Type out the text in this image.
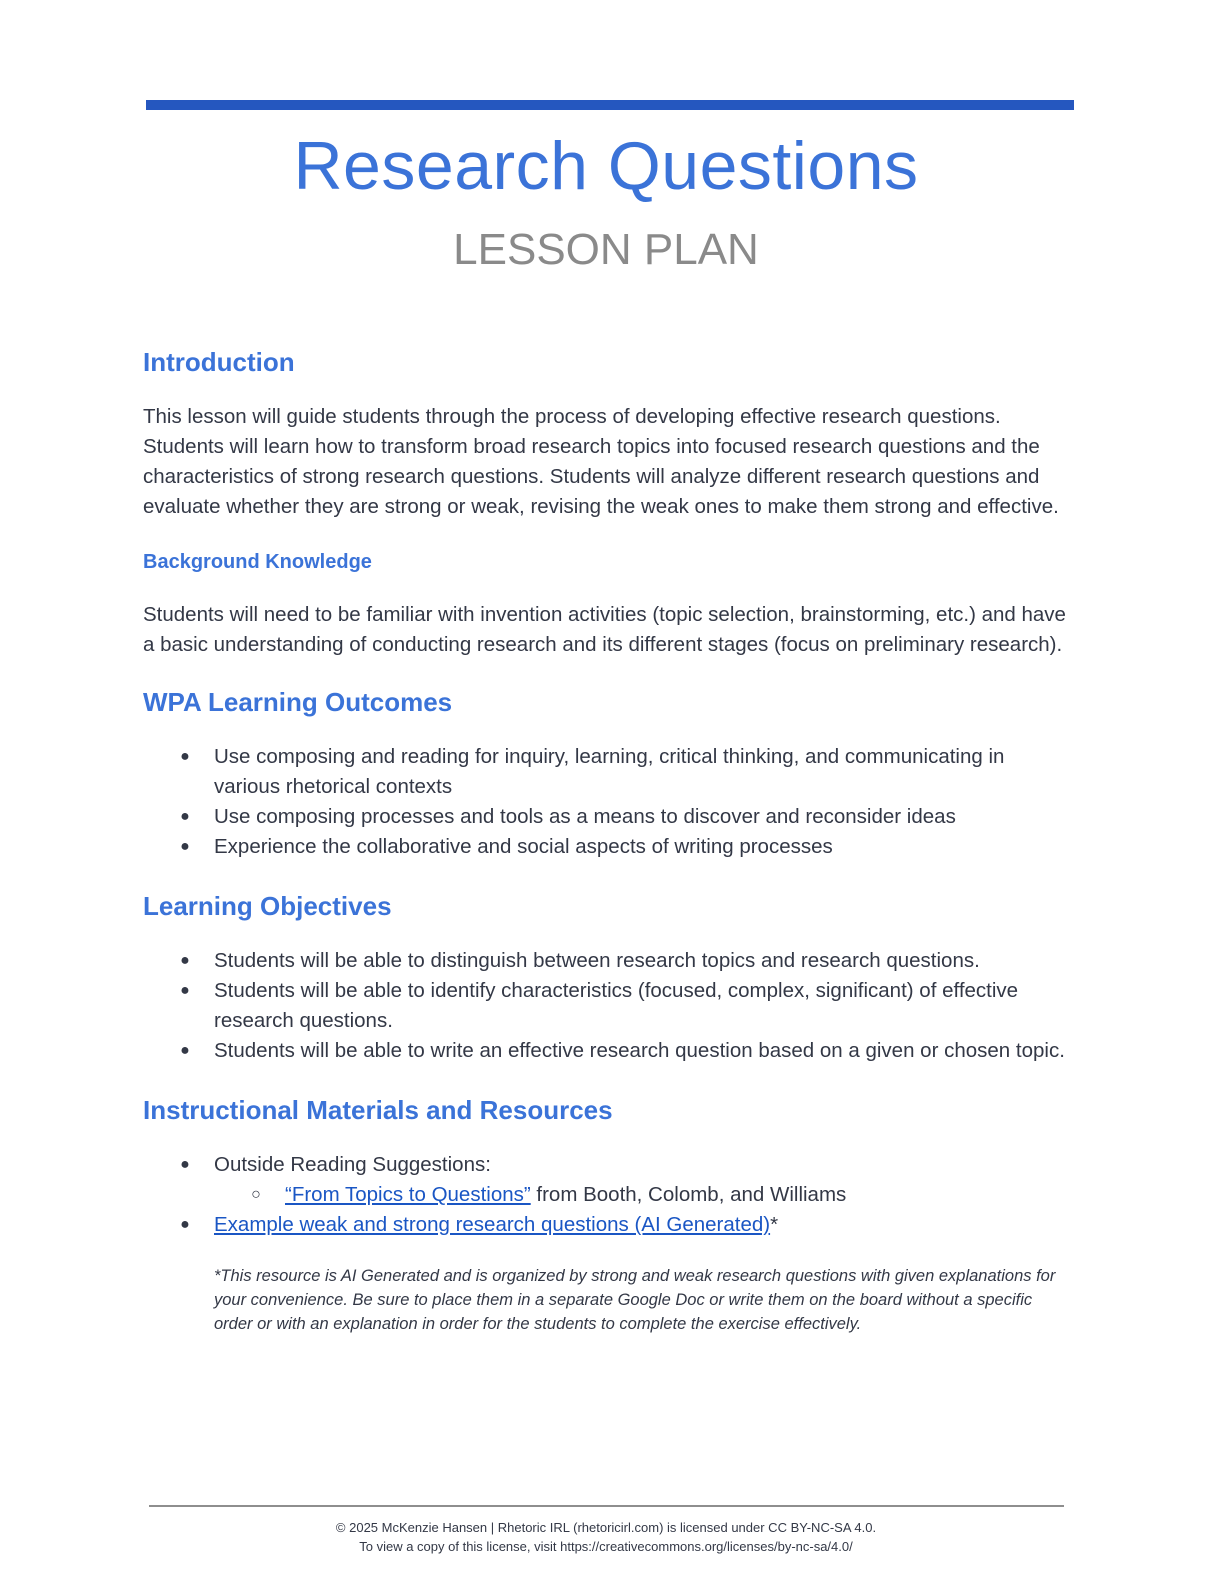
Research Questions
LESSON PLAN
Introduction

This lesson will guide students through the process of developing effective research questions. Students will learn how to transform broad research topics into focused research questions and the characteristics of strong research questions. Students will analyze different research questions and evaluate whether they are strong or weak, revising the weak ones to make them strong and effective.

Background Knowledge

Students will need to be familiar with invention activities (topic selection, brainstorming, etc.) and have a basic understanding of conducting research and its different stages (focus on preliminary research).

WPA Learning Outcomes
● Use composing and reading for inquiry, learning, critical thinking, and communicating in various rhetorical contexts
● Use composing processes and tools as a means to discover and reconsider ideas
● Experience the collaborative and social aspects of writing processes
Learning Objectives
● Students will be able to distinguish between research topics and research questions.
● Students will be able to identify characteristics (focused, complex, significant) of effective research questions.
● Students will be able to write an effective research question based on a given or chosen topic.
Instructional Materials and Resources
● Outside Reading Suggestions:
○ “From Topics to Questions” from Booth, Colomb, and Williams
● Example weak and strong research questions (AI Generated)*

*This resource is AI Generated and is organized by strong and weak research questions with given explanations for your convenience. Be sure to place them in a separate Google Doc or write them on the board without a specific order or with an explanation in order for the students to complete the exercise effectively.

© 2025 McKenzie Hansen | Rhetoric IRL (rhetoricirl.com) is licensed under CC BY-NC-SA 4.0.
To view a copy of this license, visit https://creativecommons.org/licenses/by-nc-sa/4.0/
